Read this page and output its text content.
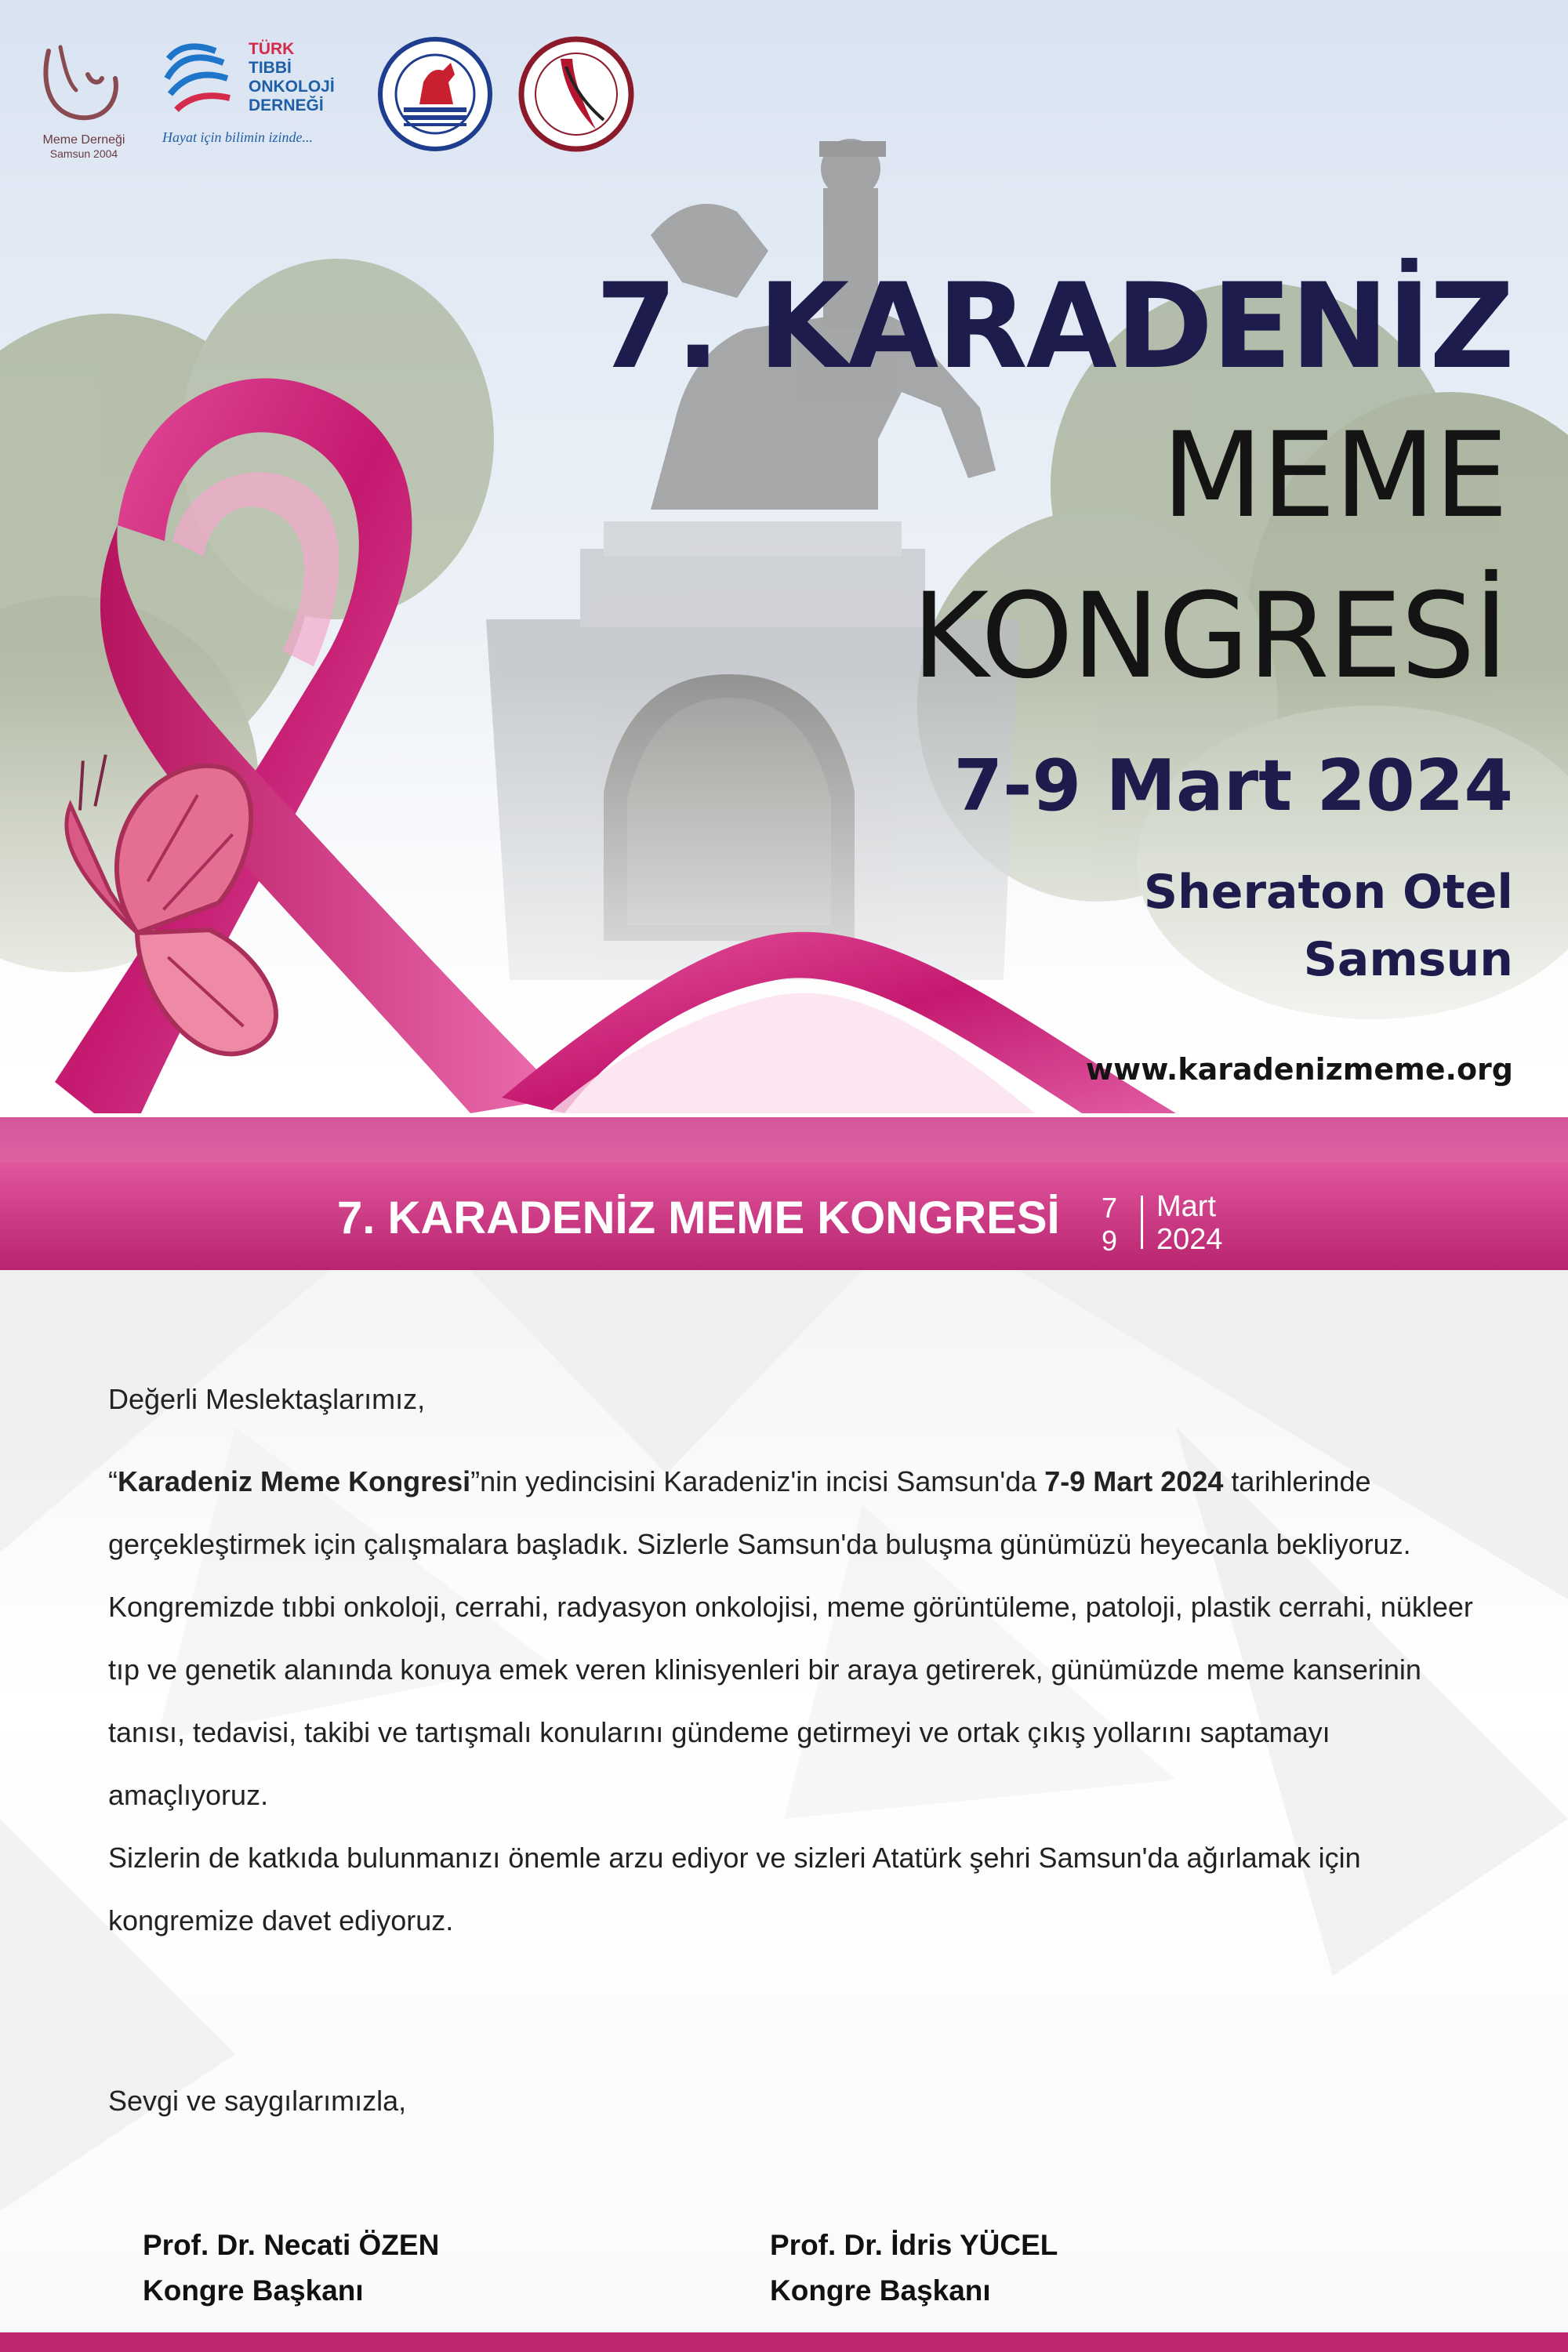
Meme Derneği
Samsun 2004
TÜRK
TIBBİ
ONKOLOJİ
DERNEĞİ
Hayat için bilimin izinde...
7. KARADENİZ
MEME
KONGRESİ
7-9 Mart 2024
Sheraton Otel
Samsun
www.karadenizmeme.org
7. KARADENİZ MEME KONGRESİ 7
9
Mart
2024
Değerli Meslektaşlarımız,
“Karadeniz Meme Kongresi”nin yedincisini Karadeniz'in incisi Samsun'da 7-9 Mart 2024 tarihlerinde gerçekleştirmek için çalışmalara başladık. Sizlerle Samsun'da buluşma günümüzü heyecanla bekliyoruz.
Kongremizde tıbbi onkoloji, cerrahi, radyasyon onkolojisi, meme görüntüleme, patoloji, plastik cerrahi, nükleer tıp ve genetik alanında konuya emek veren klinisyenleri bir araya getirerek, günümüzde meme kanserinin tanısı, tedavisi, takibi ve tartışmalı konularını gündeme getirmeyi ve ortak çıkış yollarını saptamayı amaçlıyoruz.
Sizlerin de katkıda bulunmanızı önemle arzu ediyor ve sizleri Atatürk şehri Samsun'da ağırlamak için kongremize davet ediyoruz.
Sevgi ve saygılarımızla,
Prof. Dr. Necati ÖZEN
Kongre Başkanı
Prof. Dr. İdris YÜCEL
Kongre Başkanı
